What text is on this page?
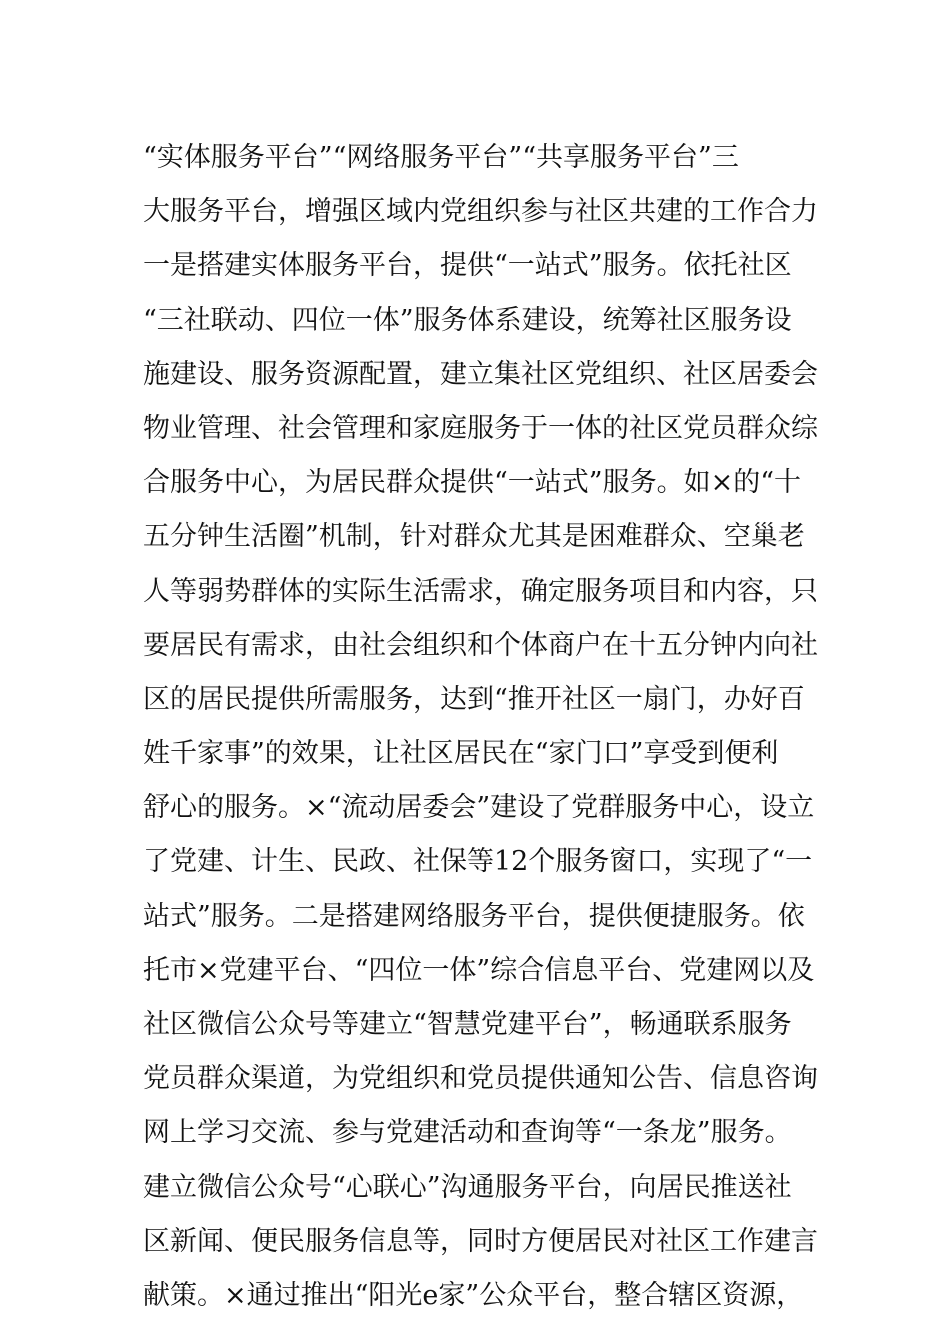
“实体服务平台”“网络服务平台”“共享服务平台”三
大服务平台，增强区域内党组织参与社区共建的工作合力
一是搭建实体服务平台，提供“一站式”服务。依托社区
“三社联动、四位一体”服务体系建设，统筹社区服务设
施建设、服务资源配置，建立集社区党组织、社区居委会
物业管理、社会管理和家庭服务于一体的社区党员群众综
合服务中心，为居民群众提供“一站式”服务。如×的“十
五分钟生活圈”机制，针对群众尤其是困难群众、空巢老
人等弱势群体的实际生活需求，确定服务项目和内容，只
要居民有需求，由社会组织和个体商户在十五分钟内向社
区的居民提供所需服务，达到“推开社区一扇门，办好百
姓千家事”的效果，让社区居民在“家门口”享受到便利
舒心的服务。×“流动居委会”建设了党群服务中心，设立
了党建、计生、民政、社保等12个服务窗口，实现了“一
站式”服务。二是搭建网络服务平台，提供便捷服务。依
托市×党建平台、“四位一体”综合信息平台、党建网以及
社区微信公众号等建立“智慧党建平台”，畅通联系服务
党员群众渠道，为党组织和党员提供通知公告、信息咨询
网上学习交流、参与党建活动和查询等“一条龙”服务。
建立微信公众号“心联心”沟通服务平台，向居民推送社
区新闻、便民服务信息等，同时方便居民对社区工作建言
献策。×通过推出“阳光e家”公众平台，整合辖区资源，
